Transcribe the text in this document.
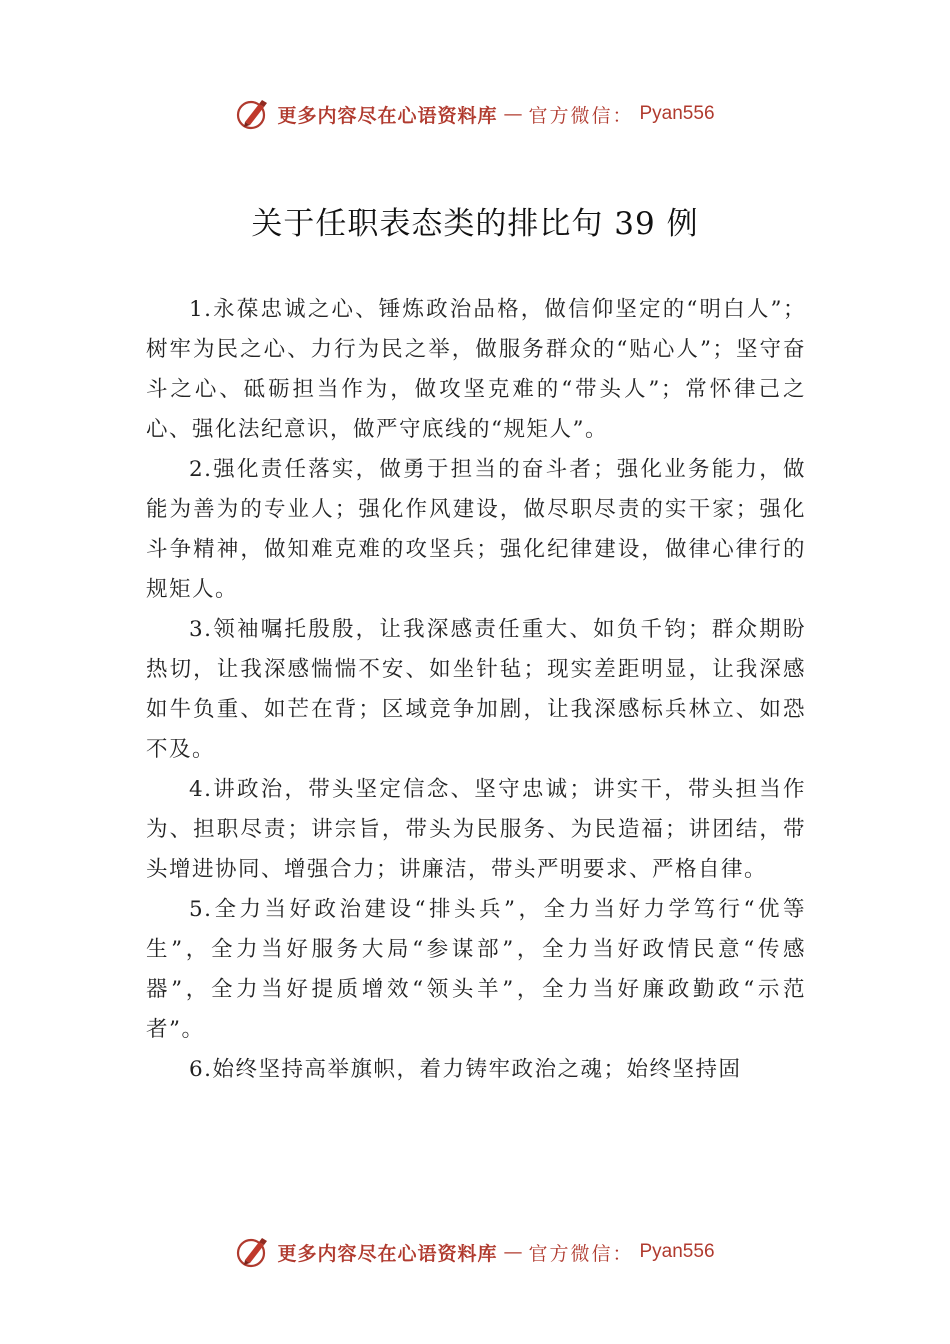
更多内容尽在心语资料库 — 官方微信： Pyan556
关于任职表态类的排比句 39 例

1.永葆忠诚之心、锤炼政治品格，做信仰坚定的“明白人”；树牢为民之心、力行为民之举，做服务群众的“贴心人”；坚守奋斗之心、砥砺担当作为，做攻坚克难的“带头人”；常怀律己之心、强化法纪意识，做严守底线的“规矩人”。

2.强化责任落实，做勇于担当的奋斗者；强化业务能力，做能为善为的专业人；强化作风建设，做尽职尽责的实干家；强化斗争精神，做知难克难的攻坚兵；强化纪律建设，做律心律行的规矩人。

3.领袖嘱托殷殷，让我深感责任重大、如负千钧；群众期盼热切，让我深感惴惴不安、如坐针毡；现实差距明显，让我深感如牛负重、如芒在背；区域竞争加剧，让我深感标兵林立、如恐不及。

4.讲政治，带头坚定信念、坚守忠诚；讲实干，带头担当作为、担职尽责；讲宗旨，带头为民服务、为民造福；讲团结，带头增进协同、增强合力；讲廉洁，带头严明要求、严格自律。

5.全力当好政治建设“排头兵”，全力当好力学笃行“优等生”，全力当好服务大局“参谋部”，全力当好政情民意“传感器”，全力当好提质增效“领头羊”，全力当好廉政勤政“示范者”。

6.始终坚持高举旗帜，着力铸牢政治之魂；始终坚持固

更多内容尽在心语资料库 — 官方微信： Pyan556
